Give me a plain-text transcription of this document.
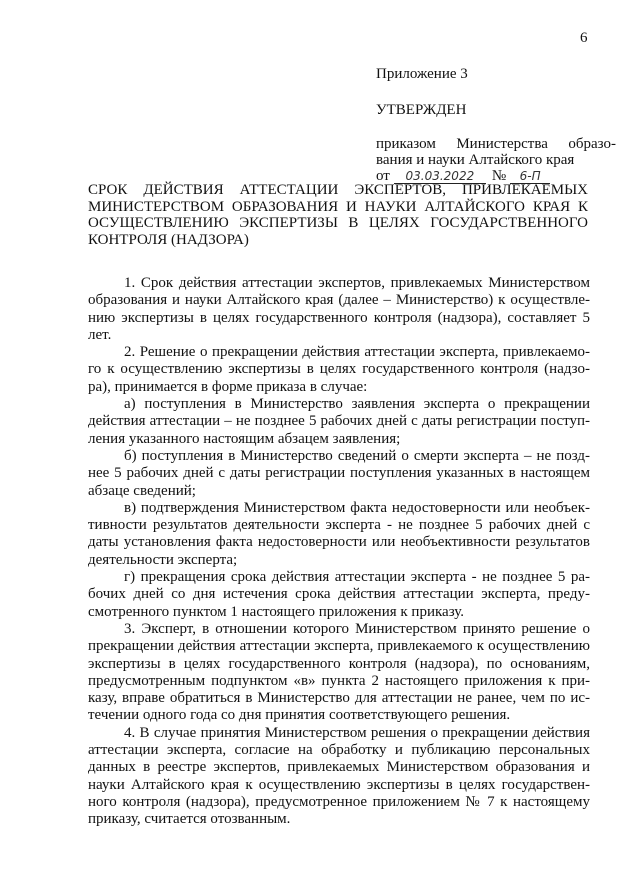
6

Приложение 3

УТВЕРЖДЕН

приказом Министерства образо-вания и науки Алтайского края

от	03.03.2022	№	6-П

СРОК ДЕЙСТВИЯ АТТЕСТАЦИИ ЭКСПЕРТОВ, ПРИВЛЕКАЕМЫХ МИНИСТЕРСТВОМ ОБРАЗОВАНИЯ И НАУКИ АЛТАЙСКОГО КРАЯ К ОСУЩЕСТВЛЕНИЮ ЭКСПЕРТИЗЫ В ЦЕЛЯХ ГОСУДАРСТВЕННОГО КОНТРОЛЯ (НАДЗОРА)

1. Срок действия аттестации экспертов, привлекаемых Министерством образования и науки Алтайского края (далее – Министерство) к осуществле-нию экспертизы в целях государственного контроля (надзора), составляет 5 лет.

2. Решение о прекращении действия аттестации эксперта, привлекаемо-го к осуществлению экспертизы в целях государственного контроля (надзо-ра), принимается в форме приказа в случае:

а) поступления в Министерство заявления эксперта о прекращении действия аттестации – не позднее 5 рабочих дней с даты регистрации поступ-ления указанного настоящим абзацем заявления;

б) поступления в Министерство сведений о смерти эксперта – не позд-нее 5 рабочих дней с даты регистрации поступления указанных в настоящем абзаце сведений;

в) подтверждения Министерством факта недостоверности или необъек-тивности результатов деятельности эксперта - не позднее 5 рабочих дней с даты установления факта недостоверности или необъективности результатов деятельности эксперта;

г) прекращения срока действия аттестации эксперта - не позднее 5 ра-бочих дней со дня истечения срока действия аттестации эксперта, преду-смотренного пунктом 1 настоящего приложения к приказу.

3. Эксперт, в отношении которого Министерством принято решение о прекращении действия аттестации эксперта, привлекаемого к осуществлению экспертизы в целях государственного контроля (надзора), по основаниям, предусмотренным подпунктом «в» пункта 2 настоящего приложения к при-казу, вправе обратиться в Министерство для аттестации не ранее, чем по ис-течении одного года со дня принятия соответствующего решения.

4. В случае принятия Министерством решения о прекращении действия аттестации эксперта, согласие на обработку и публикацию персональных данных в реестре экспертов, привлекаемых Министерством образования и науки Алтайского края к осуществлению экспертизы в целях государствен-ного контроля (надзора), предусмотренное приложением № 7 к настоящему приказу, считается отозванным.
